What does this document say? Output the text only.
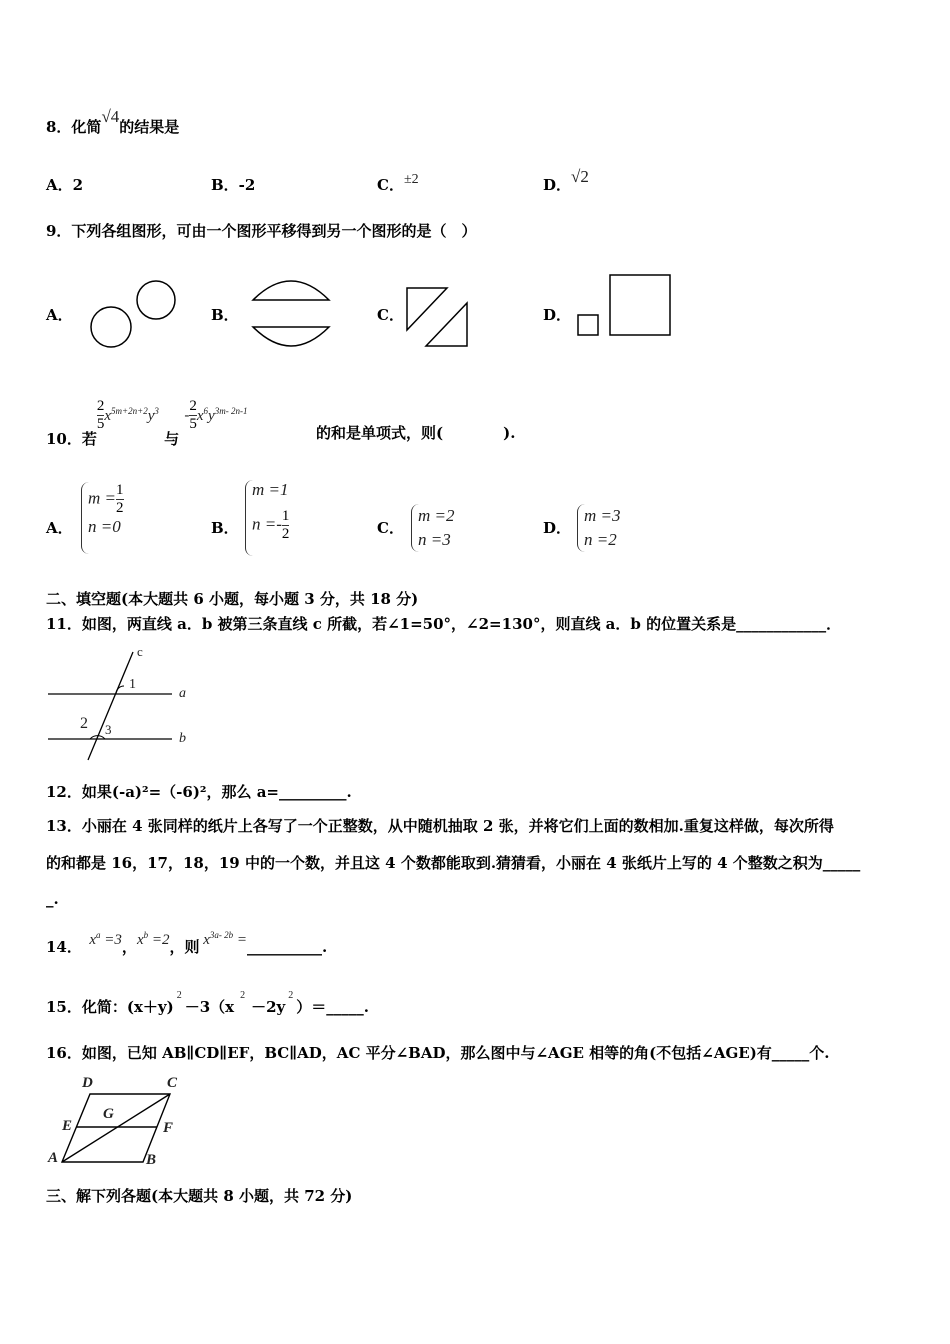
8．化简√4的结果是
A．2	B．-2	C．±2	D．√2
9．下列各组图形，可由一个图形平移得到另一个图形的是（　）
A．	B．	C．	D．
10．若
$\frac{2}{5} x^{5m+2n+2}y^3$ 与 - $\frac{2}{5} x^6y^{3m- 2n-1}$
的和是单项式，则(　　　　).
A．
$m = \frac{1}{2}$
n =0	B．
m =1
$n =- \frac{1}{2}$	C．
m =2
n =3
D．
m =3
n =2
二、填空题(本大题共 6 小题，每小题 3 分，共 18 分)
11．如图，两直线 a．b 被第三条直线 c 所截，若∠1=50°，∠2=130°，则直线 a．b 的位置关系是____________．
c
1
a
2 3
b
12．如果(-a)²=（-6)²，那么 a=_________.
13．小丽在 4 张同样的纸片上各写了一个正整数，从中随机抽取 2 张，并将它们上面的数相加.重复这样做，每次所得
的和都是 16，17，18，19 中的一个数，并且这 4 个数都能取到.猜猜看，小丽在 4 张纸片上写的 4 个整数之积为_____
_.
14． $x^a =3$，$x^b =2$，则 $x^{3a- 2b}$ =__________.
15．化简：$(x+y)^2-3(x^2-2y^2)=\_\_\_\_\_$.
16．如图，已知 AB∥CD∥EF，BC∥AD，AC 平分∠BAD，那么图中与∠AGE 相等的角(不包括∠AGE)有_____个.
A	B
C
D
E	F
G
三、解下列各题(本大题共 8 小题，共 72 分)
